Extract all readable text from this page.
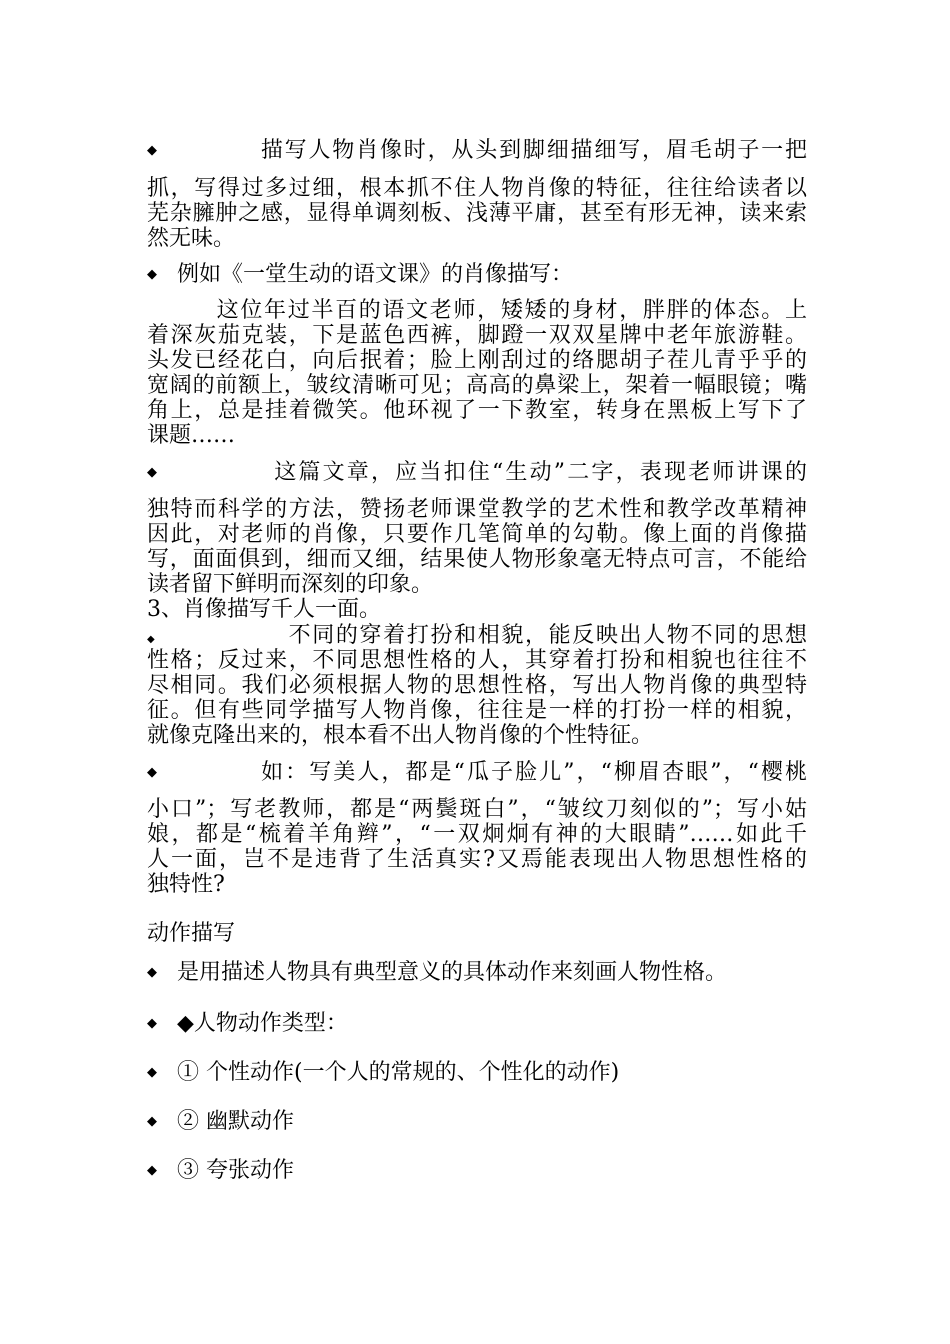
◆	描写人物肖像时，从头到脚细描细写，眉毛胡子一把
抓，写得过多过细，根本抓不住人物肖像的特征，往往给读者以
芜杂臃肿之感，显得单调刻板、浅薄平庸，甚至有形无神，读来索
然无味。
◆ 例如《一堂生动的语文课》的肖像描写：
这位年过半百的语文老师，矮矮的身材，胖胖的体态。上
着深灰茄克装，下是蓝色西裤，脚蹬一双双星牌中老年旅游鞋。
头发已经花白，向后抿着；脸上刚刮过的络腮胡子茬儿青乎乎的
宽阔的前额上，皱纹清晰可见；高高的鼻梁上，架着一幅眼镜；嘴
角上，总是挂着微笑。他环视了一下教室，转身在黑板上写下了
课题……
◆	这篇文章，应当扣住“生动”二字，表现老师讲课的
独特而科学的方法，赞扬老师课堂教学的艺术性和教学改革精神
因此，对老师的肖像，只要作几笔简单的勾勒。像上面的肖像描
写，面面俱到，细而又细，结果使人物形象毫无特点可言，不能给
读者留下鲜明而深刻的印象。
3、肖像描写千人一面。
◆	不同的穿着打扮和相貌，能反映出人物不同的思想
性格；反过来，不同思想性格的人，其穿着打扮和相貌也往往不
尽相同。我们必须根据人物的思想性格，写出人物肖像的典型特
征。但有些同学描写人物肖像，往往是一样的打扮一样的相貌，
就像克隆出来的，根本看不出人物肖像的个性特征。
◆	如：写美人，都是“瓜子脸儿”，“柳眉杏眼”，“樱桃
小口”；写老教师，都是“两鬓斑白”，“皱纹刀刻似的”；写小姑
娘，都是“梳着羊角辫”，“一双炯炯有神的大眼睛”……如此千
人一面，岂不是违背了生活真实?又焉能表现出人物思想性格的
独特性?
动作描写
◆ 是用描述人物具有典型意义的具体动作来刻画人物性格。
◆ ◆人物动作类型：
◆ ① 个性动作(一个人的常规的、个性化的动作)
◆ ② 幽默动作
◆ ③ 夸张动作
